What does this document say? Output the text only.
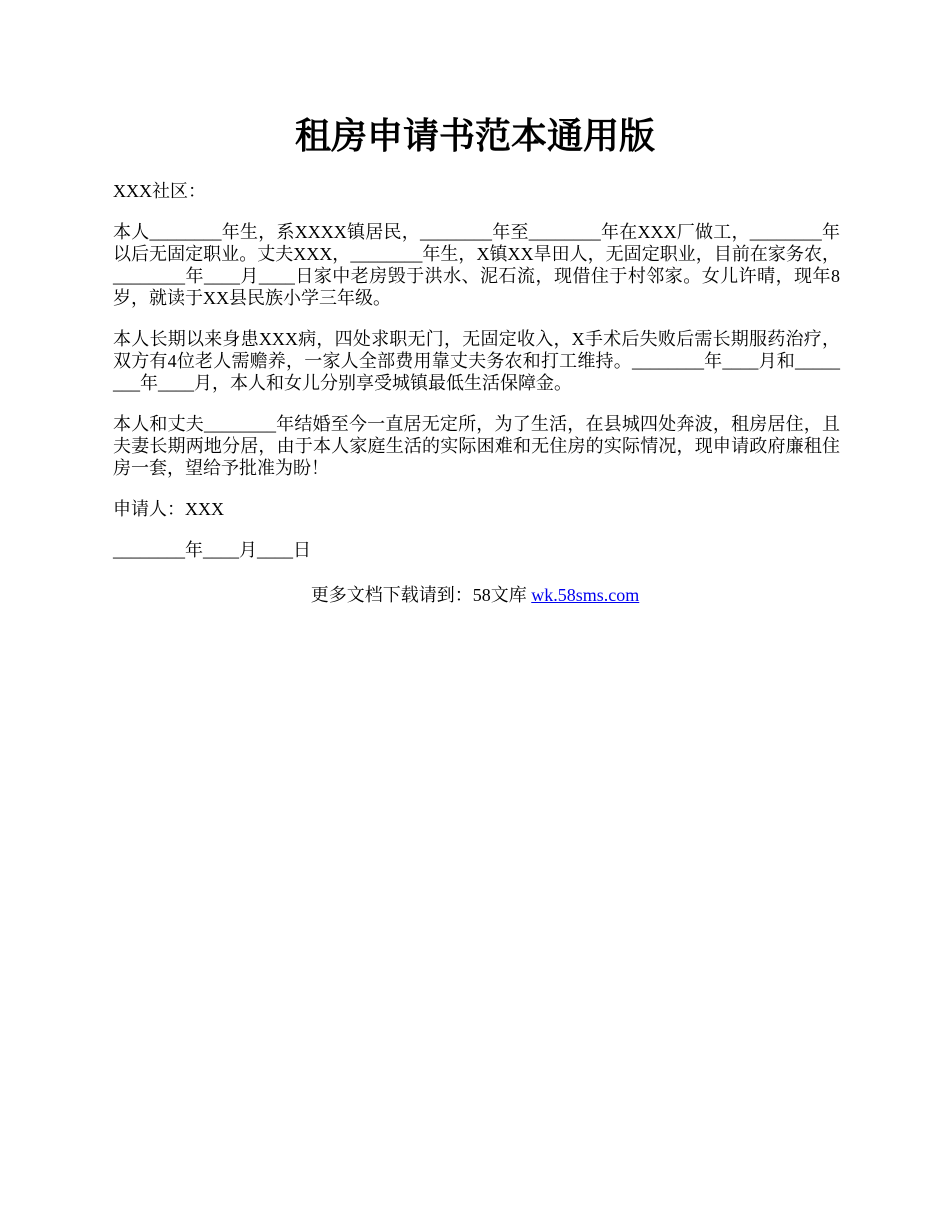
租房申请书范本通用版

XXX社区：

本人________年生，系XXXX镇居民，________年至________年在XXX厂做工，________年以后无固定职业。丈夫XXX，________年生，X镇XX旱田人，无固定职业，目前在家务农，________年____月____日家中老房毁于洪水、泥石流，现借住于村邻家。女儿许晴，现年8岁，就读于XX县民族小学三年级。

本人长期以来身患XXX病，四处求职无门，无固定收入，X手术后失败后需长期服药治疗，双方有4位老人需赡养，一家人全部费用靠丈夫务农和打工维持。________年____月和________年____月，本人和女儿分别享受城镇最低生活保障金。

本人和丈夫________年结婚至今一直居无定所，为了生活，在县城四处奔波，租房居住，且夫妻长期两地分居，由于本人家庭生活的实际困难和无住房的实际情况，现申请政府廉租住房一套，望给予批准为盼！

申请人：XXX

________年____月____日

更多文档下载请到：58文库 wk.58sms.com
